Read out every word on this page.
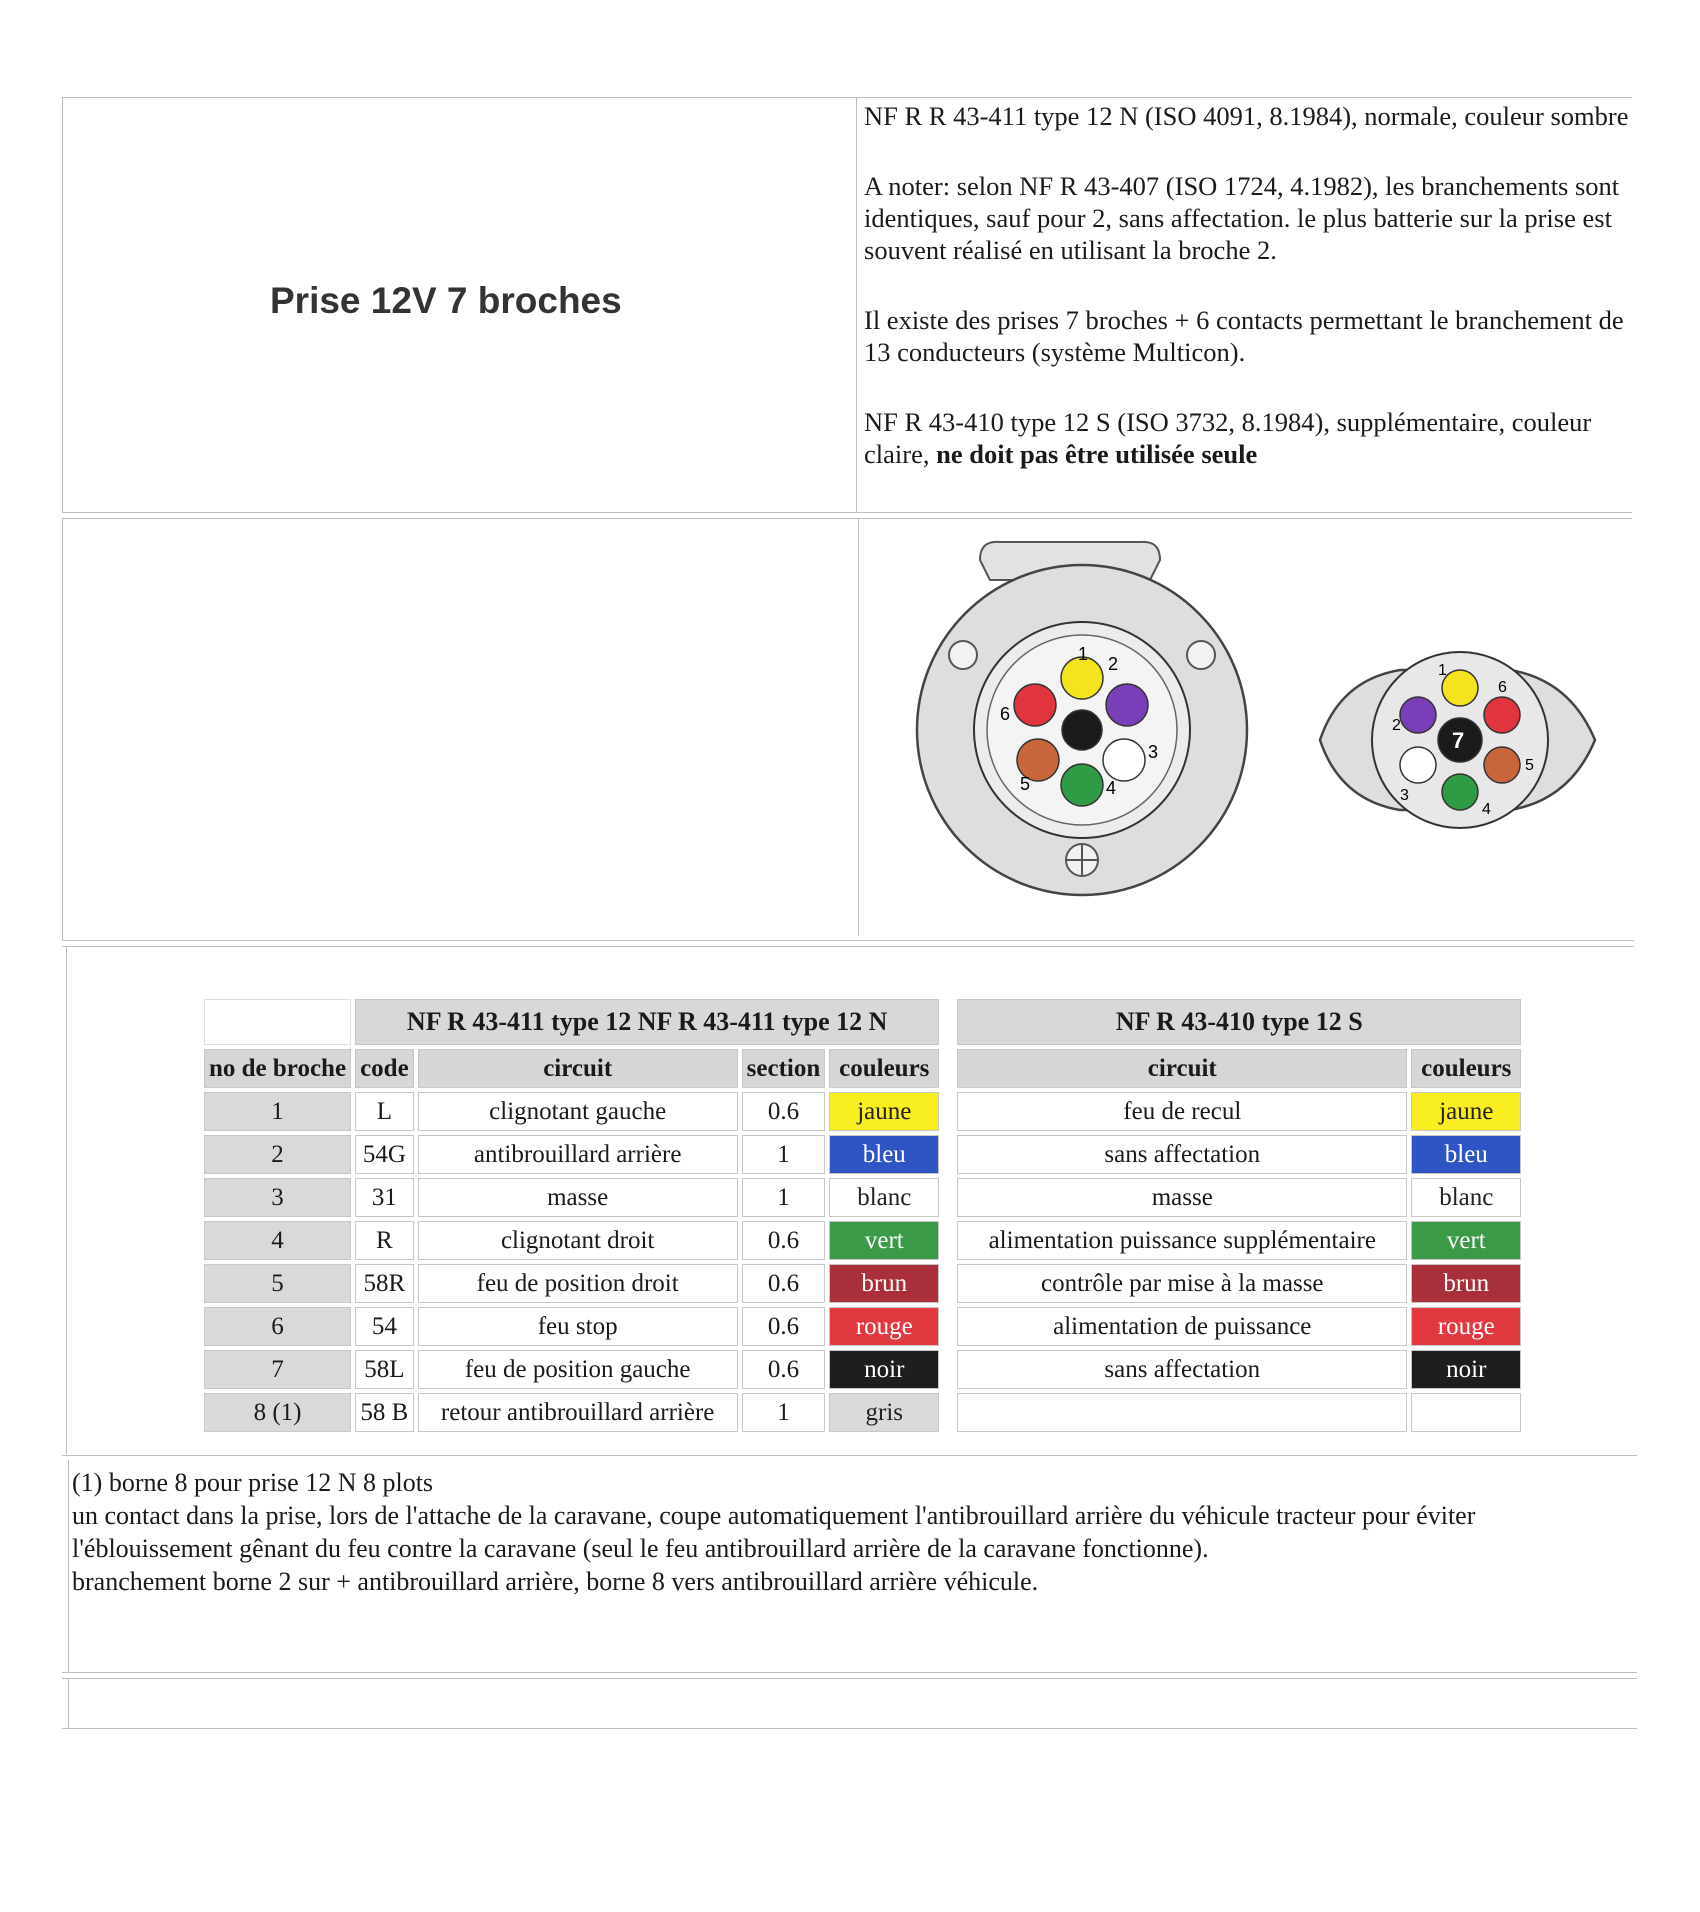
Prise 12V 7 broches

NF R R 43-411 type 12 N (ISO 4091, 8.1984), normale, couleur sombre

A noter: selon NF R 43-407 (ISO 1724, 4.1982), les branchements sont identiques, sauf pour 2, sans affectation. le plus batterie sur la prise est souvent réalisé en utilisant la broche 2.

Il existe des prises 7 broches + 6 contacts permettant le branchement de 13 conducteurs (système Multicon).

NF R 43-410 type 12 S (ISO 3732, 8.1984), supplémentaire, couleur claire, ne doit pas être utilisée seule

2
3
4
5
6
1
7
1
2
3
4
5
6
	NF R 43-411 type 12 NF R 43-411 type 12 N					NF R 43-410 type 12 S	
no de broche	code	circuit	section	couleurs		circuit	couleurs
1	L	clignotant gauche	0.6	jaune		feu de recul	jaune
2	54G	antibrouillard arrière	1	bleu		sans affectation	bleu
3	31	masse	1	blanc		masse	blanc
4	R	clignotant droit	0.6	vert		alimentation puissance supplémentaire	vert
5	58R	feu de position droit	0.6	brun		contrôle par mise à la masse	brun
6	54	feu stop	0.6	rouge		alimentation de puissance	rouge
7	58L	feu de position gauche	0.6	noir		sans affectation	noir
8 (1)	58 B	retour antibrouillard arrière	1	gris			
(1) borne 8 pour prise 12 N 8 plots
un contact dans la prise, lors de l'attache de la caravane, coupe automatiquement l'antibrouillard arrière du véhicule tracteur pour éviter l'éblouissement gênant du feu contre la caravane (seul le feu antibrouillard arrière de la caravane fonctionne).
branchement borne 2 sur + antibrouillard arrière, borne 8 vers antibrouillard arrière véhicule.
